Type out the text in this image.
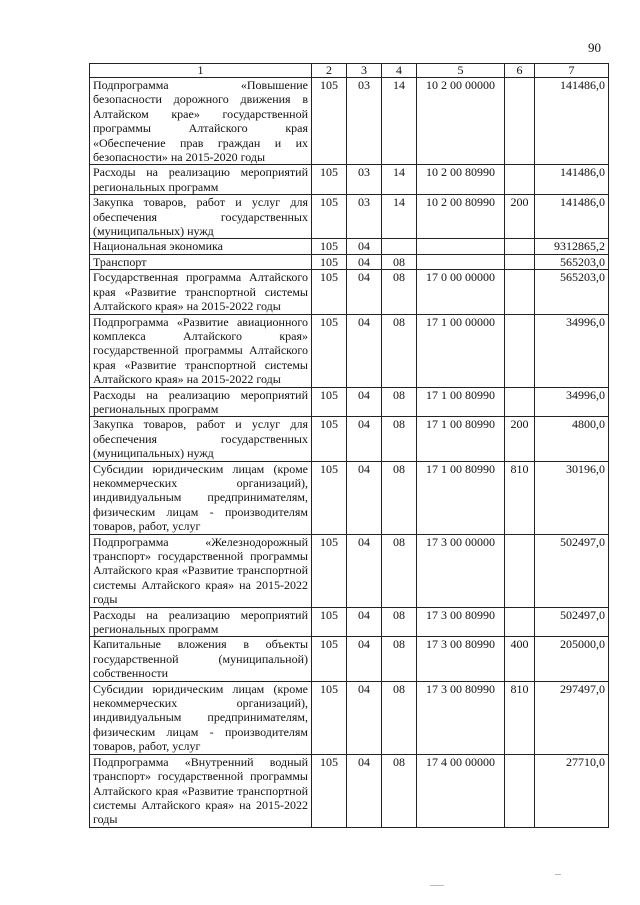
90
1	2	3	4	5	6	7
Подпрограмма «Повышение безопасности дорожного движения в Алтайском крае» государственной программы Алтайского края «Обеспечение прав граждан и их безопасности» на 2015-2020 годы	105	03	14	10 2 00 00000		141486,0
Расходы на реализацию мероприятий региональных программ	105	03	14	10 2 00 80990		141486,0
Закупка товаров, работ и услуг для обеспечения государственных (муниципальных) нужд	105	03	14	10 2 00 80990	200	141486,0
Национальная экономика	105	04				9312865,2
Транспорт	105	04	08			565203,0
Государственная программа Алтайского края «Развитие транспортной системы Алтайского края» на 2015-2022 годы	105	04	08	17 0 00 00000		565203,0
Подпрограмма «Развитие авиационного комплекса Алтайского края» государственной программы Алтайского края «Развитие транспортной системы Алтайского края» на 2015-2022 годы	105	04	08	17 1 00 00000		34996,0
Расходы на реализацию мероприятий региональных программ	105	04	08	17 1 00 80990		34996,0
Закупка товаров, работ и услуг для обеспечения государственных (муниципальных) нужд	105	04	08	17 1 00 80990	200	4800,0
Субсидии юридическим лицам (кроме некоммерческих организаций), индивидуальным предпринимателям, физическим лицам - производителям товаров, работ, услуг	105	04	08	17 1 00 80990	810	30196,0
Подпрограмма «Железнодорожный транспорт» государственной программы Алтайского края «Развитие транспортной системы Алтайского края» на 2015-2022 годы	105	04	08	17 3 00 00000		502497,0
Расходы на реализацию мероприятий региональных программ	105	04	08	17 3 00 80990		502497,0
Капитальные вложения в объекты государственной (муниципальной) собственности	105	04	08	17 3 00 80990	400	205000,0
Субсидии юридическим лицам (кроме некоммерческих организаций), индивидуальным предпринимателям, физическим лицам - производителям товаров, работ, услуг	105	04	08	17 3 00 80990	810	297497,0
Подпрограмма «Внутренний водный транспорт» государственной программы Алтайского края «Развитие транспортной системы Алтайского края» на 2015-2022 годы	105	04	08	17 4 00 00000		27710,0
